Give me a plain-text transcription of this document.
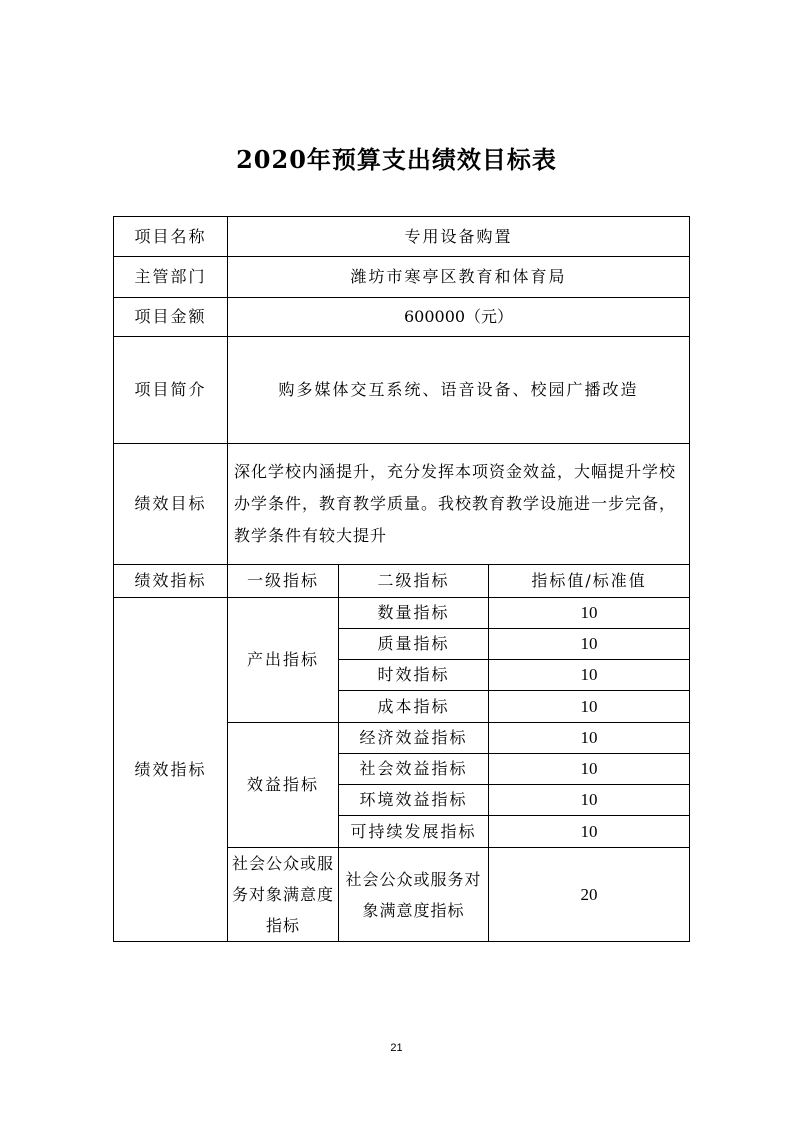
2020年预算支出绩效目标表
项目名称	专用设备购置		
主管部门	潍坊市寒亭区教育和体育局		
项目金额	600000（元）		
项目简介	购多媒体交互系统、语音设备、校园广播改造		
绩效目标	深化学校内涵提升，充分发挥本项资金效益，大幅提升学校办学条件，教育教学质量。我校教育教学设施进一步完备，教学条件有较大提升		
绩效指标	一级指标	二级指标	指标值/标准值
绩效指标	产出指标	数量指标	10
		质量指标	10
		时效指标	10
		成本指标	10
	效益指标	经济效益指标	10
		社会效益指标	10
		环境效益指标	10
		可持续发展指标	10
	社会公众或服务对象满意度指标	社会公众或服务对象满意度指标	20
21
